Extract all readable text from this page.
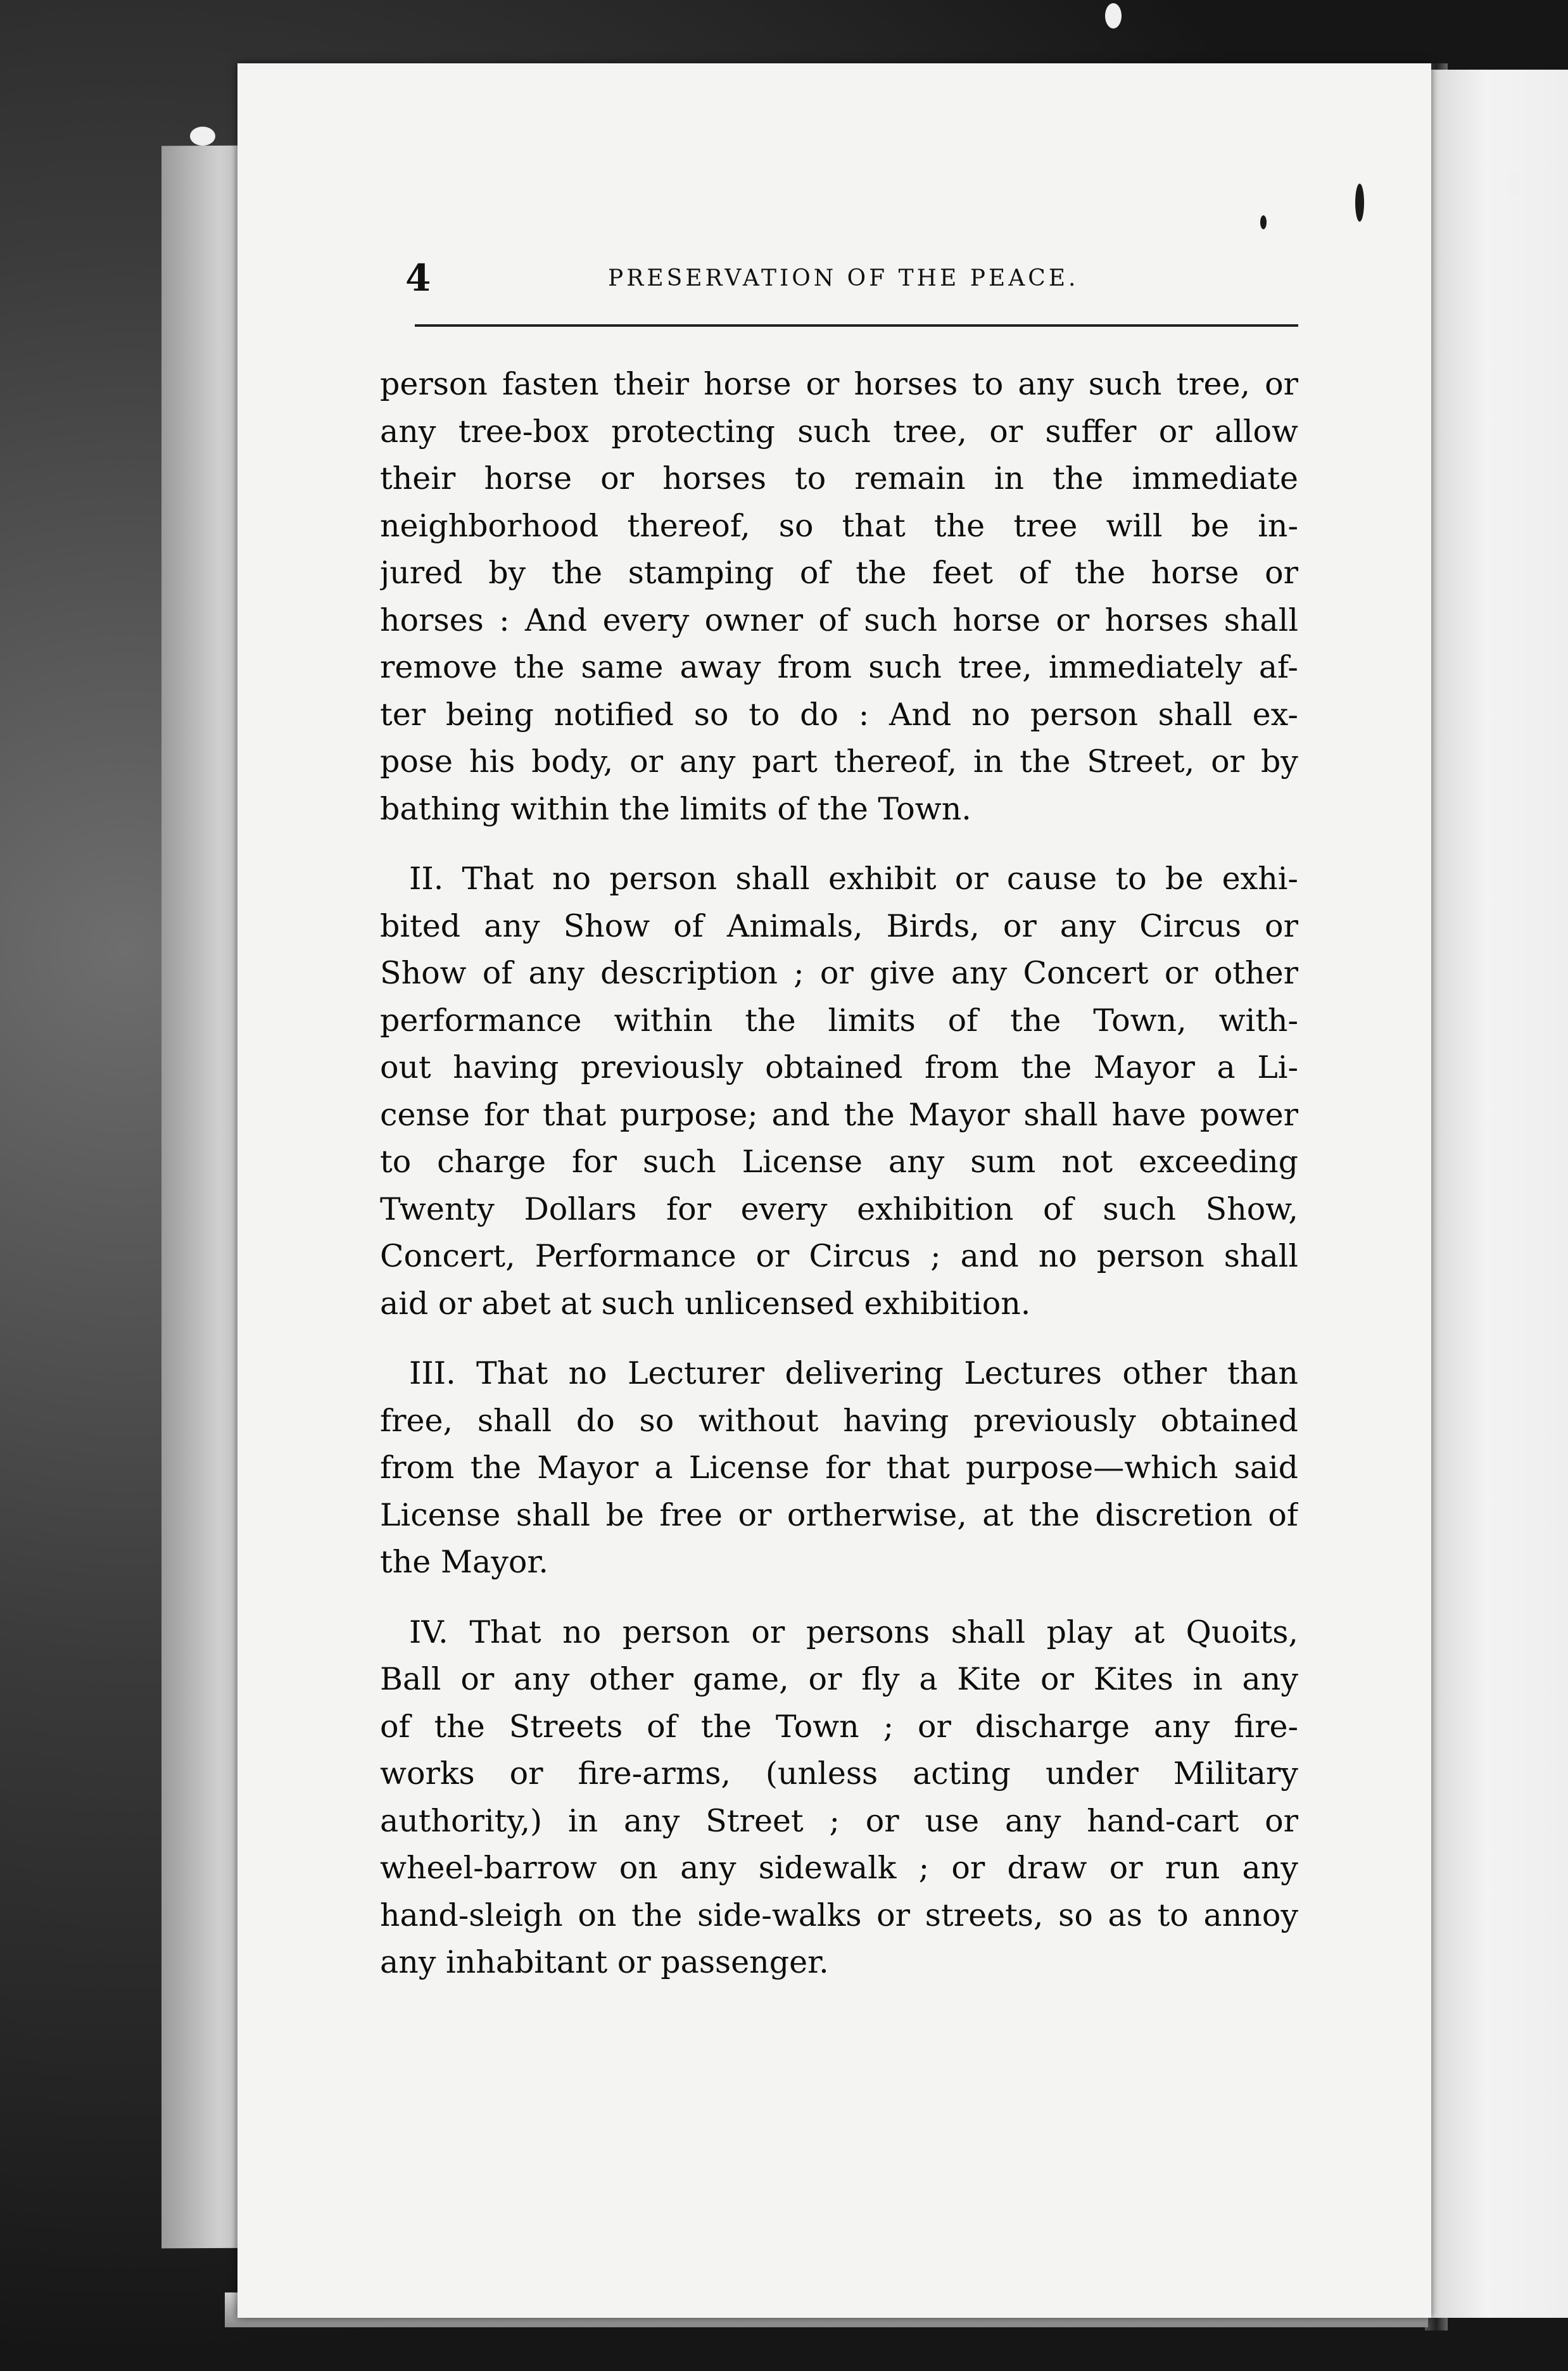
4	PRESERVATION OF THE PEACE.
person fasten their horse or horses to any such tree, or
any tree-box protecting such tree, or suffer or allow
their horse or horses to remain in the immediate
neighborhood thereof, so that the tree will be in-
jured by the stamping of the feet of the horse or
horses : And every owner of such horse or horses shall
remove the same away from such tree, immediately af-
ter being notified so to do : And no person shall ex-
pose his body, or any part thereof, in the Street, or by
bathing within the limits of the Town.
II. That no person shall exhibit or cause to be exhi-
bited any Show of Animals, Birds, or any Circus or
Show of any description ; or give any Concert or other
performance within the limits of the Town, with-
out having previously obtained from the Mayor a Li-
cense for that purpose; and the Mayor shall have power
to charge for such License any sum not exceeding
Twenty Dollars for every exhibition of such Show,
Concert, Performance or Circus ; and no person shall
aid or abet at such unlicensed exhibition.
III. That no Lecturer delivering Lectures other than
free, shall do so without having previously obtained
from the Mayor a License for that purpose—which said
License shall be free or ortherwise, at the discretion of
the Mayor.
IV. That no person or persons shall play at Quoits,
Ball or any other game, or fly a Kite or Kites in any
of the Streets of the Town ; or discharge any fire-
works or fire-arms, (unless acting under Military
authority,) in any Street ; or use any hand-cart or
wheel-barrow on any sidewalk ; or draw or run any
hand-sleigh on the side-walks or streets, so as to annoy
any inhabitant or passenger.
